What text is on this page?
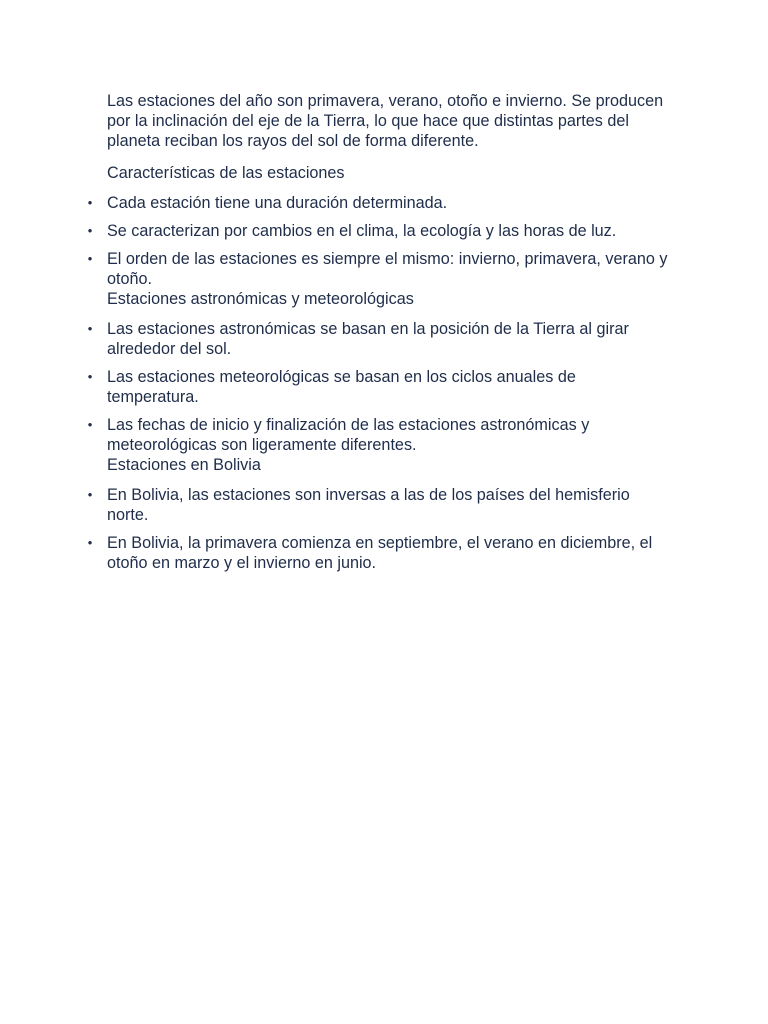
Las estaciones del año son primavera, verano, otoño e invierno. Se producen por la inclinación del eje de la Tierra, lo que hace que distintas partes del planeta reciban los rayos del sol de forma diferente.

Características de las estaciones

• Cada estación tiene una duración determinada.
• Se caracterizan por cambios en el clima, la ecología y las horas de luz.
• El orden de las estaciones es siempre el mismo: invierno, primavera, verano y otoño.
Estaciones astronómicas y meteorológicas
• Las estaciones astronómicas se basan en la posición de la Tierra al girar alrededor del sol.
• Las estaciones meteorológicas se basan en los ciclos anuales de temperatura.
• Las fechas de inicio y finalización de las estaciones astronómicas y meteorológicas son ligeramente diferentes.
Estaciones en Bolivia
• En Bolivia, las estaciones son inversas a las de los países del hemisferio norte.
• En Bolivia, la primavera comienza en septiembre, el verano en diciembre, el otoño en marzo y el invierno en junio.
